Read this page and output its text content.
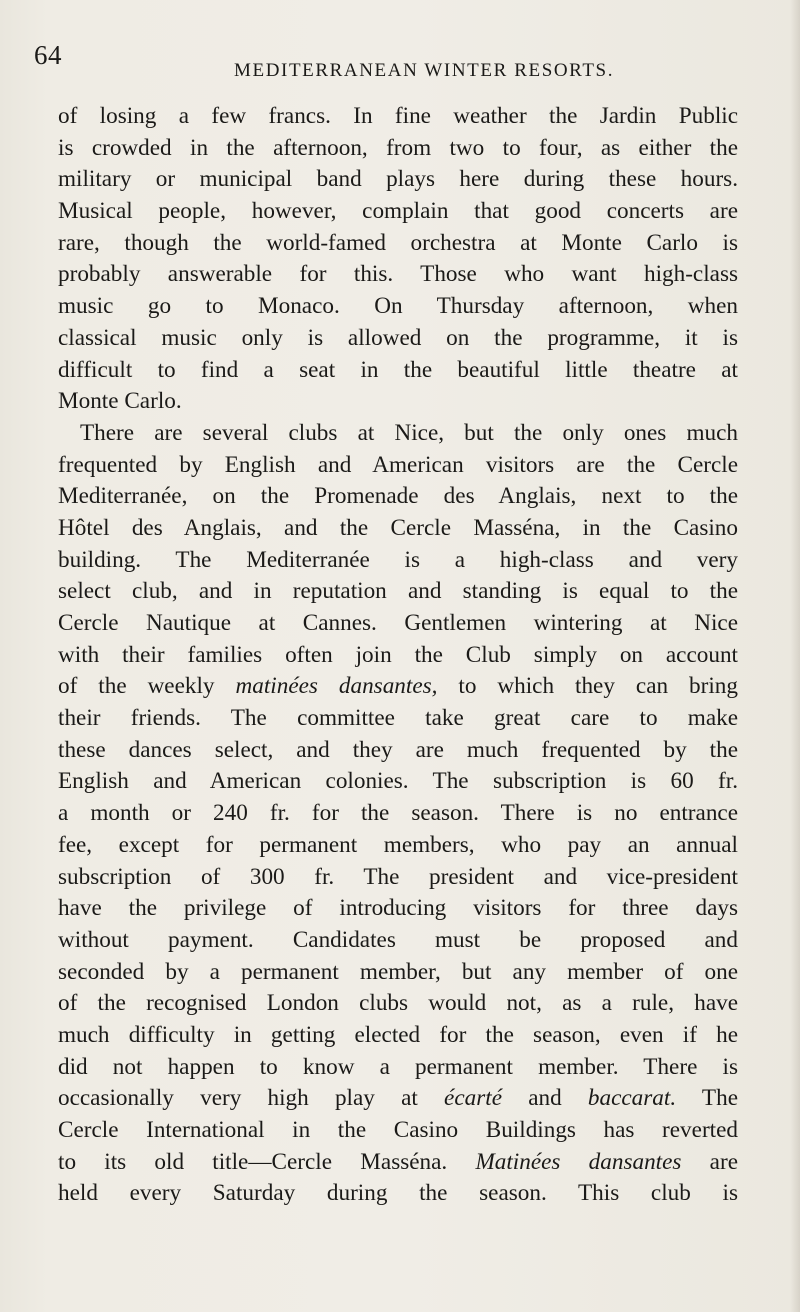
64
MEDITERRANEAN WINTER RESORTS.
of losing a few francs. In fine weather the Jardin Public
is crowded in the afternoon, from two to four, as either the
military or municipal band plays here during these hours.
Musical people, however, complain that good concerts are
rare, though the world-famed orchestra at Monte Carlo is
probably answerable for this. Those who want high-class
music go to Monaco. On Thursday afternoon, when
classical music only is allowed on the programme, it is
difficult to find a seat in the beautiful little theatre at
Monte Carlo.
There are several clubs at Nice, but the only ones much
frequented by English and American visitors are the Cercle
Mediterranée, on the Promenade des Anglais, next to the
Hôtel des Anglais, and the Cercle Masséna, in the Casino
building. The Mediterranée is a high-class and very
select club, and in reputation and standing is equal to the
Cercle Nautique at Cannes. Gentlemen wintering at Nice
with their families often join the Club simply on account
of the weekly matinées dansantes, to which they can bring
their friends. The committee take great care to make
these dances select, and they are much frequented by the
English and American colonies. The subscription is 60 fr.
a month or 240 fr. for the season. There is no entrance
fee, except for permanent members, who pay an annual
subscription of 300 fr. The president and vice-president
have the privilege of introducing visitors for three days
without payment. Candidates must be proposed and
seconded by a permanent member, but any member of one
of the recognised London clubs would not, as a rule, have
much difficulty in getting elected for the season, even if he
did not happen to know a permanent member. There is
occasionally very high play at écarté and baccarat. The
Cercle International in the Casino Buildings has reverted
to its old title—Cercle Masséna. Matinées dansantes are
held every Saturday during the season. This club is
